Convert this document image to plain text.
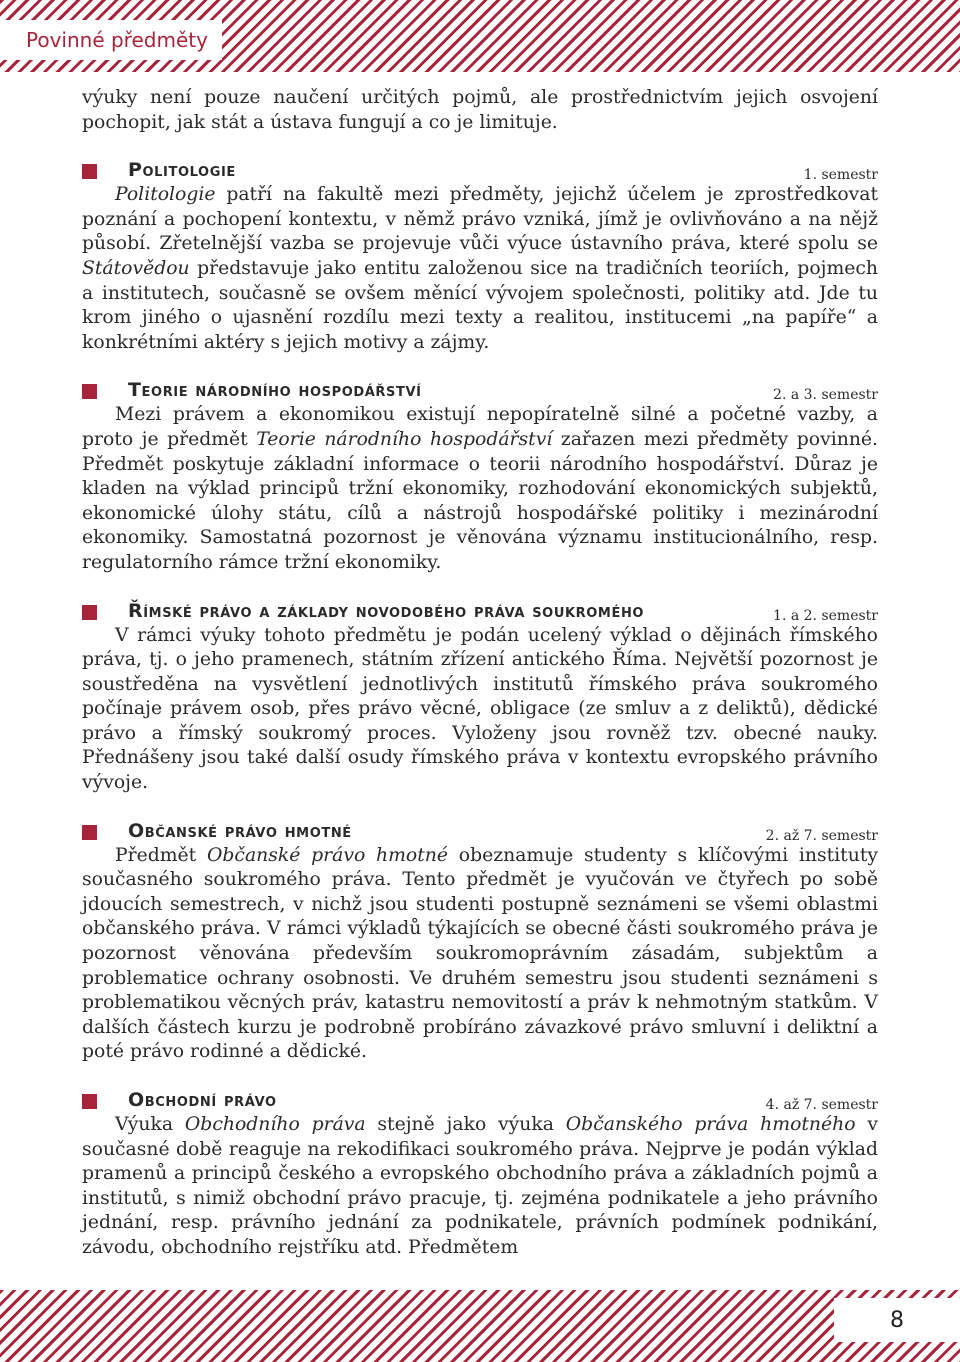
Povinné předměty

výuky není pouze naučení určitých pojmů, ale prostřednictvím jejich osvojení pochopit, jak stát a ústava fungují a co je limituje.

Politologie	1. semestr

Politologie patří na fakultě mezi předměty, jejichž účelem je zprostředkovat poznání a pochopení kontextu, v němž právo vzniká, jímž je ovlivňováno a na nějž působí. Zřetelnější vazba se projevuje vůči výuce ústavního práva, které spolu se Státovědou představuje jako entitu založenou sice na tradičních teoriích, pojmech a institutech, současně se ovšem měnící vývojem společnosti, politiky atd. Jde tu krom jiného o ujasnění rozdílu mezi texty a realitou, institucemi „na papíře“ a konkrétními aktéry s jejich motivy a zájmy.

Teorie národního hospodářství	2. a 3. semestr

Mezi právem a ekonomikou existují nepopíratelně silné a početné vazby, a proto je předmět Teorie národního hospodářství zařazen mezi předměty povinné. Předmět poskytuje základní informace o teorii národního hospodářství. Důraz je kladen na výklad principů tržní ekonomiky, rozhodování ekonomických subjektů, ekonomické úlohy státu, cílů a nástrojů hospodářské politiky i mezinárodní ekonomiky. Samostatná pozornost je věnována významu institucionálního, resp. regulatorního rámce tržní ekonomiky.

Římské právo a základy novodobého práva soukromého	1. a 2. semestr

V rámci výuky tohoto předmětu je podán ucelený výklad o dějinách římského práva, tj. o jeho pramenech, státním zřízení antického Říma. Největší pozornost je soustředěna na vysvětlení jednotlivých institutů římského práva soukromého počínaje právem osob, přes právo věcné, obligace (ze smluv a z deliktů), dědické právo a římský soukromý proces. Vyloženy jsou rovněž tzv. obecné nauky. Přednášeny jsou také další osudy římského práva v kontextu evropského právního vývoje.

Občanské právo hmotné	2. až 7. semestr

Předmět Občanské právo hmotné obeznamuje studenty s klíčovými instituty současného soukromého práva. Tento předmět je vyučován ve čtyřech po sobě jdoucích semestrech, v nichž jsou studenti postupně seznámeni se všemi oblastmi občanského práva. V rámci výkladů týkajících se obecné části soukromého práva je pozornost věnována především soukromoprávním zásadám, subjektům a problematice ochrany osobnosti. Ve druhém semestru jsou studenti seznámeni s problematikou věcných práv, katastru nemovitostí a práv k nehmotným statkům. V dalších částech kurzu je podrobně probíráno závazkové právo smluvní i deliktní a poté právo rodinné a dědické.

Obchodní právo	4. až 7. semestr

Výuka Obchodního práva stejně jako výuka Občanského práva hmotného v současné době reaguje na rekodifikaci soukromého práva. Nejprve je podán výklad pramenů a principů českého a evropského obchodního práva a základních pojmů a institutů, s nimiž obchodní právo pracuje, tj. zejména podnikatele a jeho právního jednání, resp. právního jednání za podnikatele, právních podmínek podnikání, závodu, obchodního rejstříku atd. Předmětem

8
